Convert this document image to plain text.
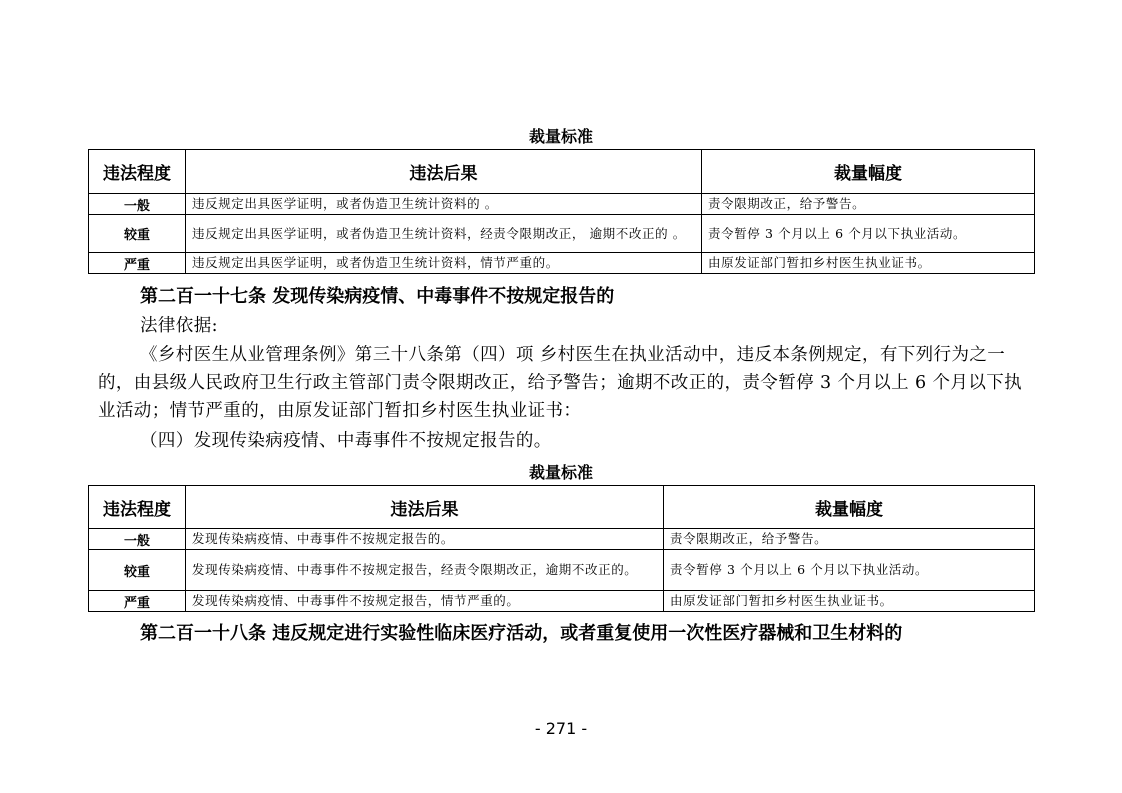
裁量标准
违法程度	违法后果	裁量幅度
一般	违反规定出具医学证明，或者伪造卫生统计资料的 。	责令限期改正，给予警告。
较重	违反规定出具医学证明，或者伪造卫生统计资料，经责令限期改正， 逾期不改正的 。	责令暂停 3 个月以上 6 个月以下执业活动。
严重	违反规定出具医学证明，或者伪造卫生统计资料，情节严重的。	由原发证部门暂扣乡村医生执业证书。
第二百一十七条 发现传染病疫情、中毒事件不按规定报告的
法律依据:
《乡村医生从业管理条例》第三十八条第（四）项 乡村医生在执业活动中，违反本条例规定，有下列行为之一的，由县级人民政府卫生行政主管部门责令限期改正，给予警告；逾期不改正的，责令暂停 3 个月以上 6 个月以下执业活动；情节严重的，由原发证部门暂扣乡村医生执业证书：
（四）发现传染病疫情、中毒事件不按规定报告的。
裁量标准
违法程度	违法后果	裁量幅度
一般	发现传染病疫情、中毒事件不按规定报告的。	责令限期改正，给予警告。
较重	发现传染病疫情、中毒事件不按规定报告，经责令限期改正，逾期不改正的。	责令暂停 3 个月以上 6 个月以下执业活动。
严重	发现传染病疫情、中毒事件不按规定报告，情节严重的。	由原发证部门暂扣乡村医生执业证书。
第二百一十八条 违反规定进行实验性临床医疗活动，或者重复使用一次性医疗器械和卫生材料的
- 271 -
